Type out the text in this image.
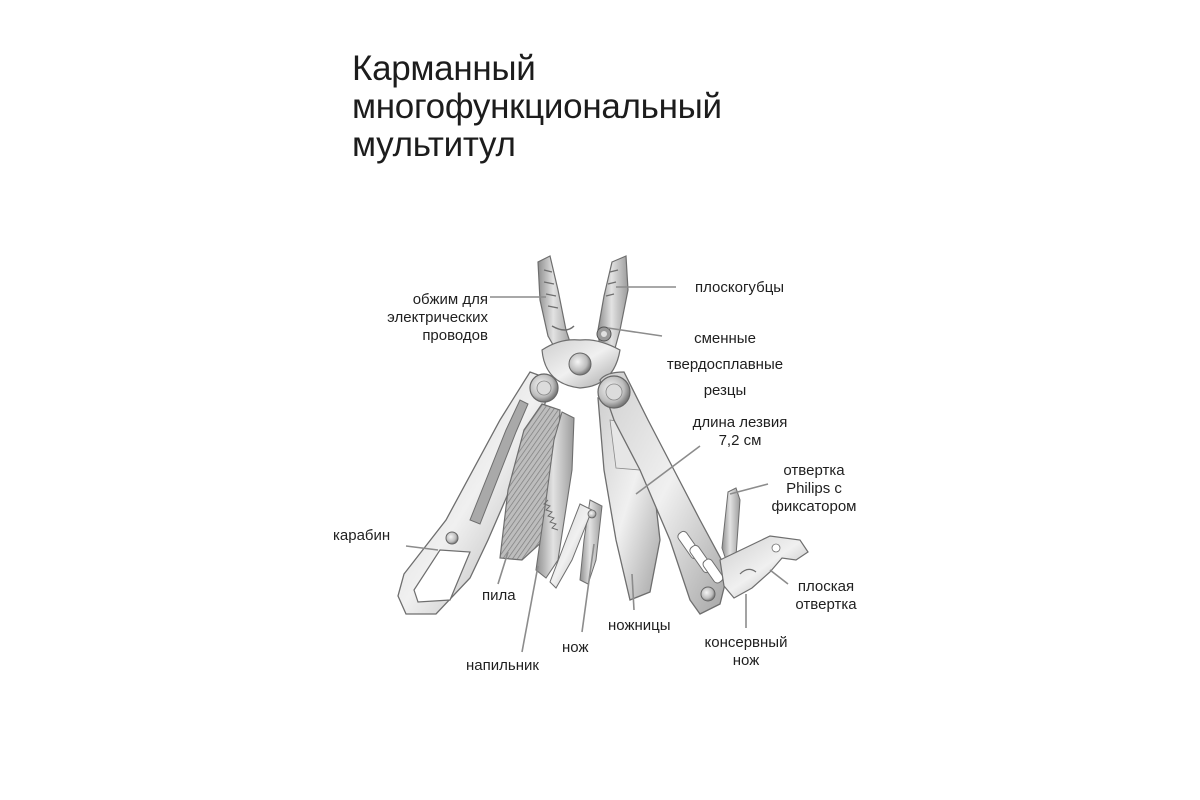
Карманный
многофункциональный
мультитул
обжим для
электрических
проводов
плоскогубцы
сменные
твердосплавные
резцы
длина лезвия
7,2 см
отвертка
Philips с
фиксатором
карабин
пила
напильник
нож
ножницы
плоская
отвертка
консервный
нож
